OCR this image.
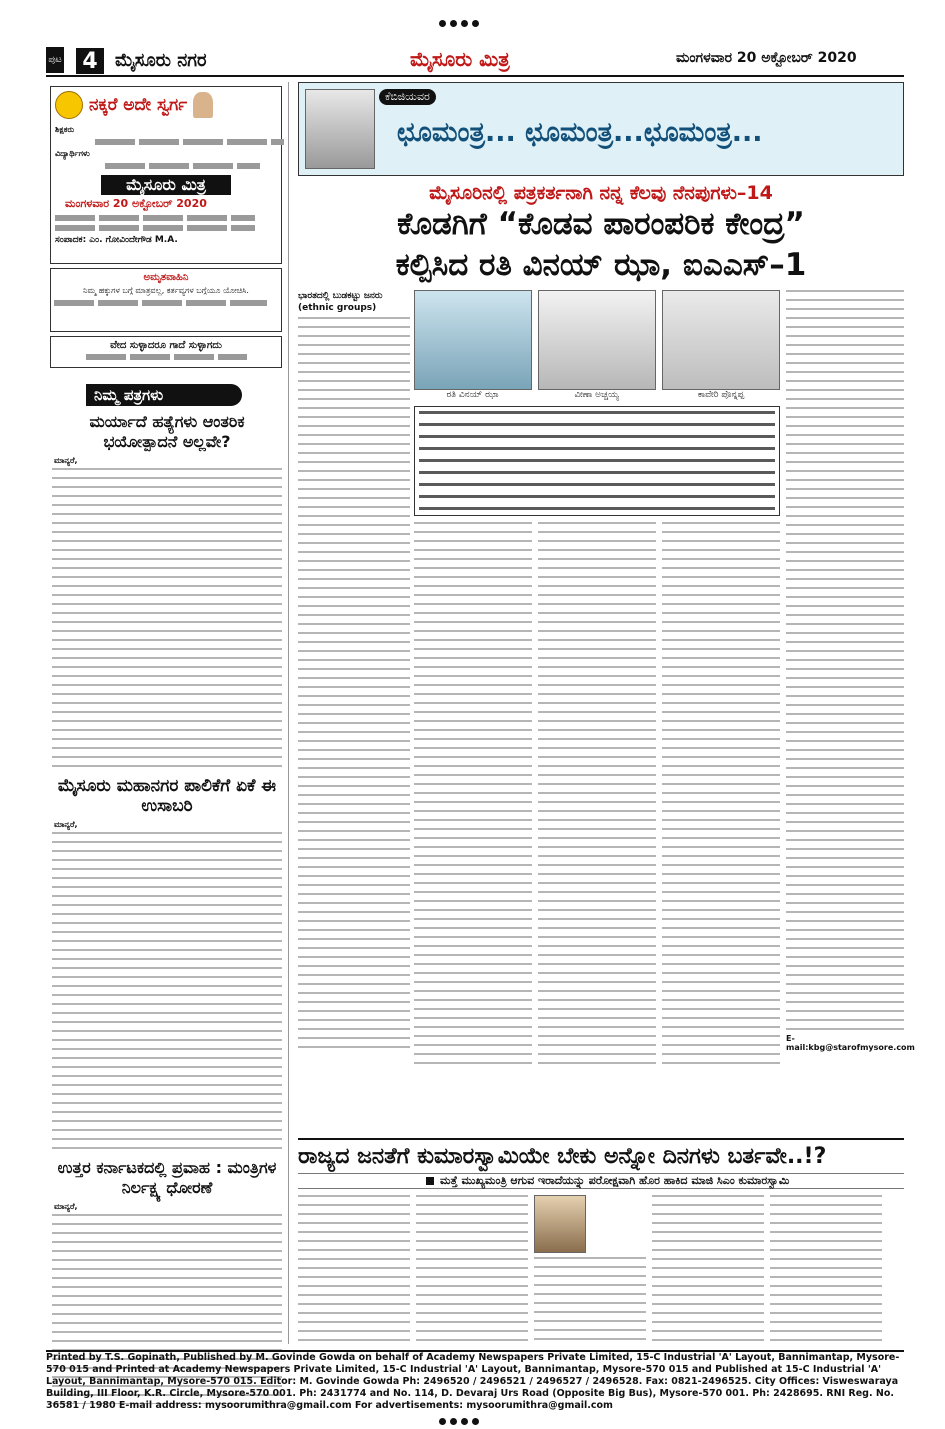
ಪುಟ 4 ಮೈಸೂರು ನಗರ	ಮೈಸೂರು ಮಿತ್ರ	ಮಂಗಳವಾರ 20 ಅಕ್ಟೋಬರ್ 2020
ನಕ್ಕರೆ ಅದೇ ಸ್ವರ್ಗ
ಶಿಕ್ಷಕರು
ವಿದ್ಯಾರ್ಥಿಗಳು
ಮೈಸೂರು ಮಿತ್ರ
ಮಂಗಳವಾರ 20 ಅಕ್ಟೋಬರ್ 2020
ಸಂಪಾದಕ: ಎಂ. ಗೋವಿಂದೇಗೌಡ M.A.
ಅಮೃತವಾಹಿನಿ
ನಿಮ್ಮ ಹಕ್ಕುಗಳ ಬಗ್ಗೆ ಮಾತ್ರವಲ್ಲ, ಕರ್ತವ್ಯಗಳ ಬಗ್ಗೆಯೂ ಯೋಚಿಸಿ.
ವೇದ ಸುಳ್ಳಾದರೂ ಗಾದೆ ಸುಳ್ಳಾಗದು
ನಿಮ್ಮ ಪತ್ರಗಳು
ಮರ್ಯಾದೆ ಹತ್ಯೆಗಳು ಆಂತರಿಕ ಭಯೋತ್ಪಾದನೆ ಅಲ್ಲವೇ?
ಮಾನ್ಯರೆ,
ಮೈಸೂರು ಮಹಾನಗರ ಪಾಲಿಕೆಗೆ ಏಕೆ ಈ ಉಸಾಬರಿ
ಮಾನ್ಯರೆ,
ಉತ್ತರ ಕರ್ನಾಟಕದಲ್ಲಿ ಪ್ರವಾಹ : ಮಂತ್ರಿಗಳ ನಿರ್ಲಕ್ಷ್ಯ ಧೋರಣೆ
ಮಾನ್ಯರೆ,
ಕೆಬಿಜಿಯವರ
ಛೂಮಂತ್ರ... ಛೂಮಂತ್ರ...ಛೂಮಂತ್ರ...
ಮೈಸೂರಿನಲ್ಲಿ ಪತ್ರಕರ್ತನಾಗಿ ನನ್ನ ಕೆಲವು ನೆನಪುಗಳು–14
ಕೊಡಗಿಗೆ “ಕೊಡವ ಪಾರಂಪರಿಕ ಕೇಂದ್ರ”
ಕಲ್ಪಿಸಿದ ರತಿ ವಿನಯ್ ಝಾ, ಐಎಎಸ್–1
ಭಾರತದಲ್ಲಿ ಬುಡಕಟ್ಟು ಜನರು (ethnic groups)
ರತಿ ವಿನಯ್ ಝಾ	ವೀಣಾ ಅಚ್ಚಯ್ಯ	ಕಾವೇರಿ ಪೊನ್ನಪ್ಪ
E-mail:kbg@starofmysore.com
ರಾಜ್ಯದ ಜನತೆಗೆ ಕುಮಾರಸ್ವಾಮಿಯೇ ಬೇಕು ಅನ್ನೋ ದಿನಗಳು ಬರ್ತವೇ..!?
ಮತ್ತೆ ಮುಖ್ಯಮಂತ್ರಿ ಆಗುವ ಇರಾದೆಯನ್ನು ಪರೋಕ್ಷವಾಗಿ ಹೊರ ಹಾಕಿದ ಮಾಜಿ ಸಿಎಂ ಕುಮಾರಸ್ವಾಮಿ
Printed by T.S. Gopinath, Published by M. Govinde Gowda on behalf of Academy Newspapers Private Limited, 15-C Industrial 'A' Layout, Bannimantap, Mysore-570 015 and Printed at Academy Newspapers Private Limited, 15-C Industrial 'A' Layout, Bannimantap, Mysore-570 015 and Published at 15-C Industrial 'A' Layout, Bannimantap, Mysore-570 015. Editor: M. Govinde Gowda Ph: 2496520 / 2496521 / 2496527 / 2496528. Fax: 0821-2496525. City Offices: Visweswaraya Building, III Floor, K.R. Circle, Mysore-570 001. Ph: 2431774 and No. 114, D. Devaraj Urs Road (Opposite Big Bus), Mysore-570 001. Ph: 2428695. RNI Reg. No. 36581 / 1980 E-mail address: mysoorumithra@gmail.com For advertisements: mysoorumithra@gmail.com
